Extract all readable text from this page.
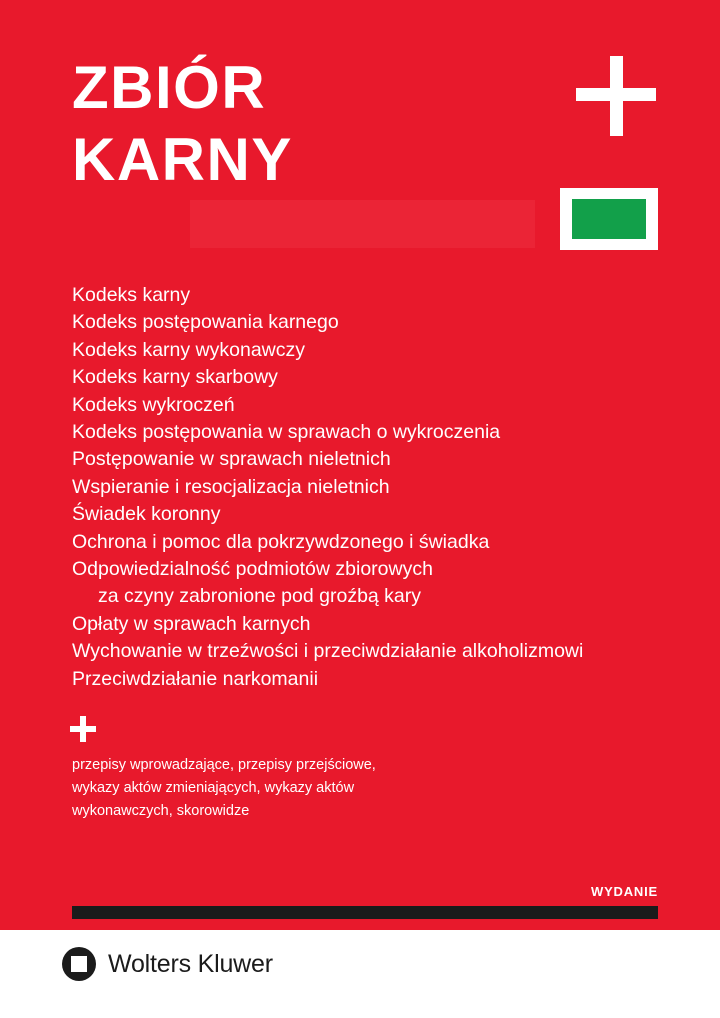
ZBIÓR
KARNY
Kodeks karny
Kodeks postępowania karnego
Kodeks karny wykonawczy
Kodeks karny skarbowy
Kodeks wykroczeń
Kodeks postępowania w sprawach o wykroczenia
Postępowanie w sprawach nieletnich
Wspieranie i resocjalizacja nieletnich
Świadek koronny
Ochrona i pomoc dla pokrzywdzonego i świadka
Odpowiedzialność podmiotów zbiorowych
za czyny zabronione pod groźbą kary
Opłaty w sprawach karnych
Wychowanie w trzeźwości i przeciwdziałanie alkoholizmowi
Przeciwdziałanie narkomanii
przepisy wprowadzające, przepisy przejściowe,
wykazy aktów zmieniających, wykazy aktów
wykonawczych, skorowidze
WYDANIE
Wolters Kluwer
